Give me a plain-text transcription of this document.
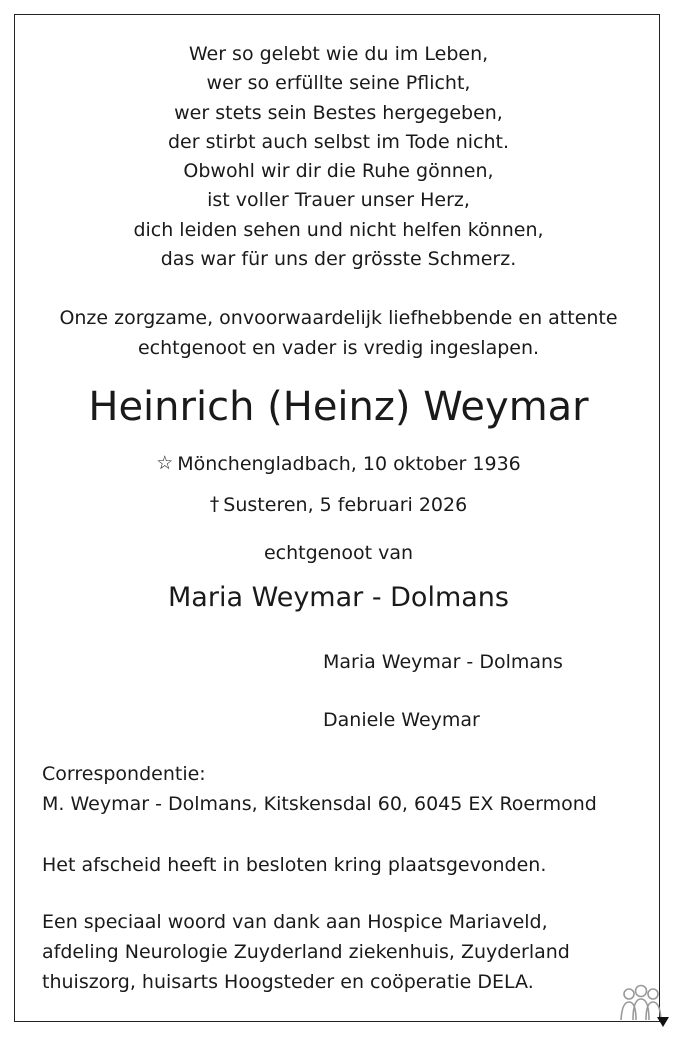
Wer so gelebt wie du im Leben,
wer so erfüllte seine Pflicht,
wer stets sein Bestes hergegeben,
der stirbt auch selbst im Tode nicht.
Obwohl wir dir die Ruhe gönnen,
ist voller Trauer unser Herz,
dich leiden sehen und nicht helfen können,
das war für uns der grösste Schmerz.
Onze zorgzame, onvoorwaardelijk liefhebbende en attente
echtgenoot en vader is vredig ingeslapen.
Heinrich (Heinz) Weymar
☆ Mönchengladbach, 10 oktober 1936
† Susteren, 5 februari 2026
echtgenoot van
Maria Weymar - Dolmans
Maria Weymar - Dolmans
Daniele Weymar
Correspondentie:
M. Weymar - Dolmans, Kitskensdal 60, 6045 EX Roermond
Het afscheid heeft in besloten kring plaatsgevonden.
Een speciaal woord van dank aan Hospice Mariaveld,
afdeling Neurologie Zuyderland ziekenhuis, Zuyderland
thuiszorg, huisarts Hoogsteder en coöperatie DELA.
